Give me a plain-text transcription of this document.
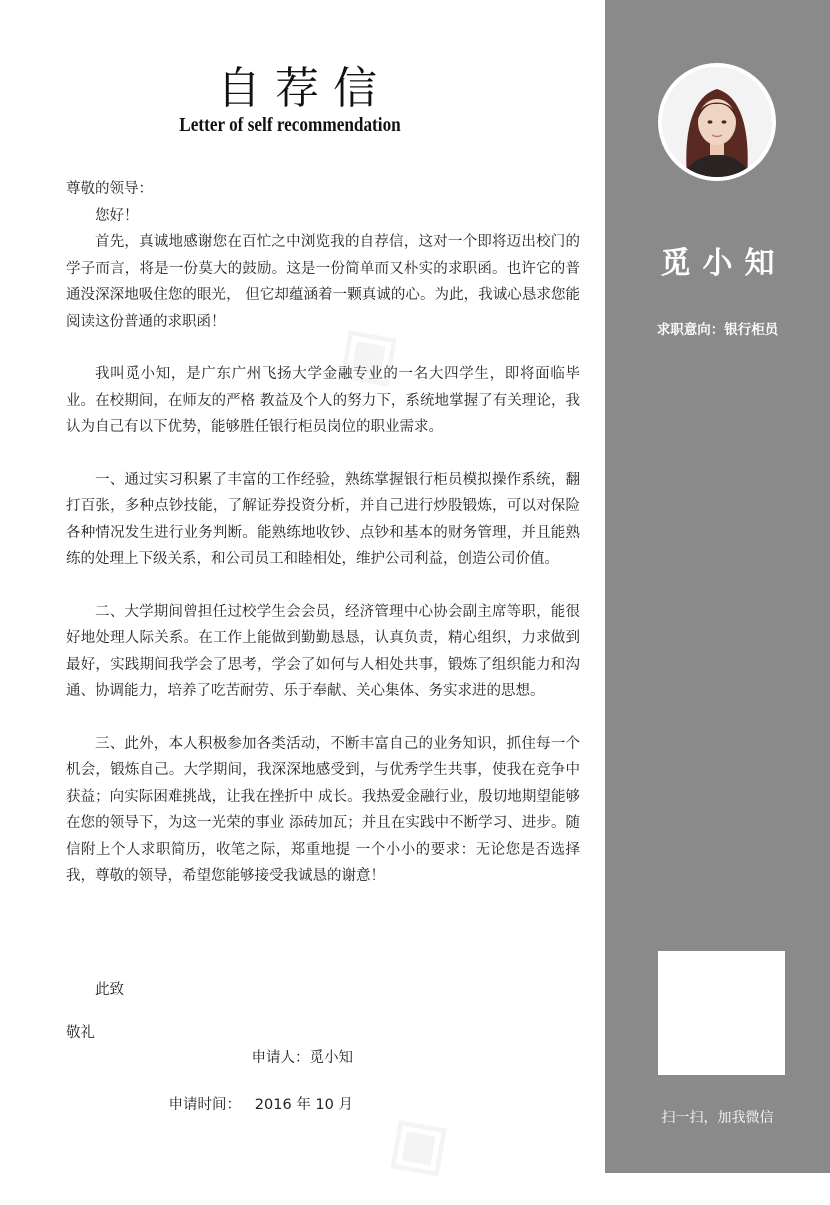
自荐信
Letter of self recommendation

尊敬的领导：

您好！

首先，真诚地感谢您在百忙之中浏览我的自荐信，这对一个即将迈出校门的学子而言，将是一份莫大的鼓励。这是一份简单而又朴实的求职函。也许它的普通没深深地吸住您的眼光， 但它却蕴涵着一颗真诚的心。为此，我诚心恳求您能阅读这份普通的求职函！

我叫觅小知，是广东广州飞扬大学金融专业的一名大四学生，即将面临毕业。在校期间，在师友的严格 教益及个人的努力下，系统地掌握了有关理论，我认为自己有以下优势，能够胜任银行柜员岗位的职业需求。

一、通过实习积累了丰富的工作经验，熟练掌握银行柜员模拟操作系统，翻打百张，多种点钞技能，了解证券投资分析，并自己进行炒股锻炼，可以对保险各种情况发生进行业务判断。能熟练地收钞、点钞和基本的财务管理，并且能熟练的处理上下级关系，和公司员工和睦相处，维护公司利益，创造公司价值。

二、大学期间曾担任过校学生会会员，经济管理中心协会副主席等职，能很好地处理人际关系。在工作上能做到勤勤恳恳，认真负责，精心组织，力求做到最好，实践期间我学会了思考，学会了如何与人相处共事，锻炼了组织能力和沟通、协调能力，培养了吃苦耐劳、乐于奉献、关心集体、务实求进的思想。

三、此外，本人积极参加各类活动，不断丰富自己的业务知识，抓住每一个机会，锻炼自己。大学期间，我深深地感受到，与优秀学生共事，使我在竞争中获益；向实际困难挑战，让我在挫折中 成长。我热爱金融行业，殷切地期望能够在您的领导下，为这一光荣的事业 添砖加瓦；并且在实践中不断学习、进步。随信附上个人求职简历，收笔之际，郑重地提 一个小小的要求：无论您是否选择我，尊敬的领导，希望您能够接受我诚恳的谢意！

此致
敬礼
申请人：觅小知
申请时间：   2016 年 10 月
觅小知
求职意向：银行柜员
扫一扫，加我微信
